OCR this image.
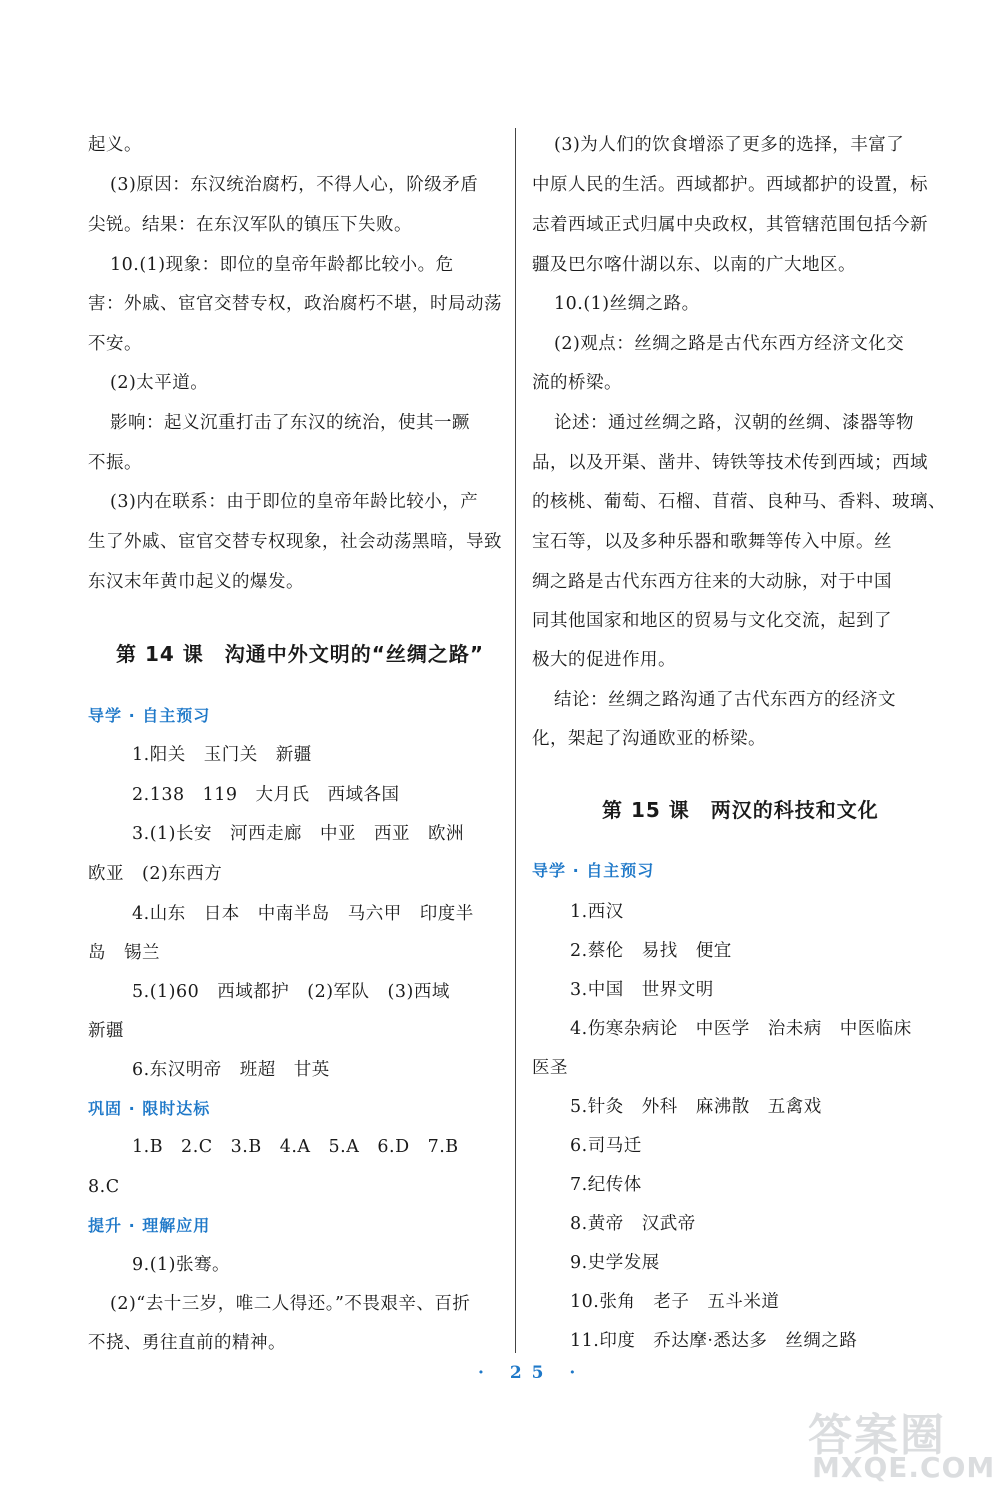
起义。
(3)原因：东汉统治腐朽，不得人心，阶级矛盾
尖锐。结果：在东汉军队的镇压下失败。
10.(1)现象：即位的皇帝年龄都比较小。危
害：外戚、宦官交替专权，政治腐朽不堪，时局动荡
不安。
(2)太平道。
影响：起义沉重打击了东汉的统治，使其一蹶
不振。
(3)内在联系：由于即位的皇帝年龄比较小，产
生了外戚、宦官交替专权现象，社会动荡黑暗，导致
东汉末年黄巾起义的爆发。
第 14 课　沟通中外文明的“丝绸之路”
导学 · 自主预习
1.阳关　玉门关　新疆
2.138　119　大月氏　西域各国
3.(1)长安　河西走廊　中亚　西亚　欧洲
欧亚　(2)东西方
4.山东　日本　中南半岛　马六甲　印度半
岛　锡兰
5.(1)60　西域都护　(2)军队　(3)西域
新疆
6.东汉明帝　班超　甘英
巩固 · 限时达标
1.B　2.C　3.B　4.A　5.A　6.D　7.B
8.C
提升 · 理解应用
9.(1)张骞。
(2)“去十三岁，唯二人得还。”不畏艰辛、百折
不挠、勇往直前的精神。
(3)为人们的饮食增添了更多的选择，丰富了
中原人民的生活。西域都护。西域都护的设置，标
志着西域正式归属中央政权，其管辖范围包括今新
疆及巴尔喀什湖以东、以南的广大地区。
10.(1)丝绸之路。
(2)观点：丝绸之路是古代东西方经济文化交
流的桥梁。
论述：通过丝绸之路，汉朝的丝绸、漆器等物
品，以及开渠、凿井、铸铁等技术传到西域；西域
的核桃、葡萄、石榴、苜蓿、良种马、香料、玻璃、
宝石等，以及多种乐器和歌舞等传入中原。丝
绸之路是古代东西方往来的大动脉，对于中国
同其他国家和地区的贸易与文化交流，起到了
极大的促进作用。
结论：丝绸之路沟通了古代东西方的经济文
化，架起了沟通欧亚的桥梁。
第 15 课　两汉的科技和文化
导学 · 自主预习
1.西汉
2.蔡伦　易找　便宜
3.中国　世界文明
4.伤寒杂病论　中医学　治未病　中医临床
医圣
5.针灸　外科　麻沸散　五禽戏
6.司马迁
7.纪传体
8.黄帝　汉武帝
9.史学发展
10.张角　老子　五斗米道
11.印度　乔达摩·悉达多　丝绸之路
· 25 ·
答案圈
MXQE.COM
